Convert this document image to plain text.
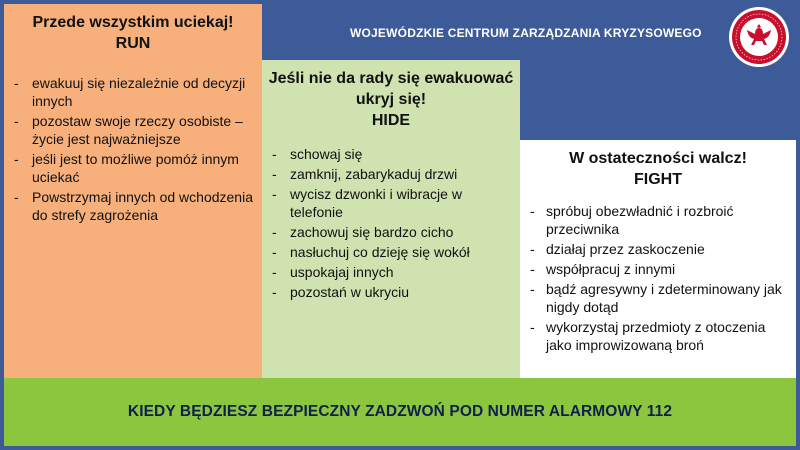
Przede wszystkim uciekaj!
RUN
- ewakuuj się niezależnie od decyzji innych
- pozostaw swoje rzeczy osobiste – życie jest najważniejsze
- jeśli jest to możliwe pomóż innym uciekać
- Powstrzymaj innych od wchodzenia do strefy zagrożenia
Jeśli nie da rady się ewakuować ukryj się!
HIDE
- schowaj się
- zamknij, zabarykaduj drzwi
- wycisz dzwonki i wibracje w telefonie
- zachowuj się bardzo cicho
- nasłuchuj co dzieję się wokół
- uspokajaj innych
- pozostań w ukryciu
W ostateczności walcz!
FIGHT
- spróbuj obezwładnić i rozbroić przeciwnika
- działaj przez zaskoczenie
- współpracuj z innymi
- bądź agresywny i zdeterminowany jak nigdy dotąd
- wykorzystaj przedmioty z otoczenia jako improwizowaną broń
WOJEWÓDZKIE CENTRUM ZARZĄDZANIA KRYZYSOWEGO
KIEDY BĘDZIESZ BEZPIECZNY ZADZWOŃ POD NUMER ALARMOWY 112
